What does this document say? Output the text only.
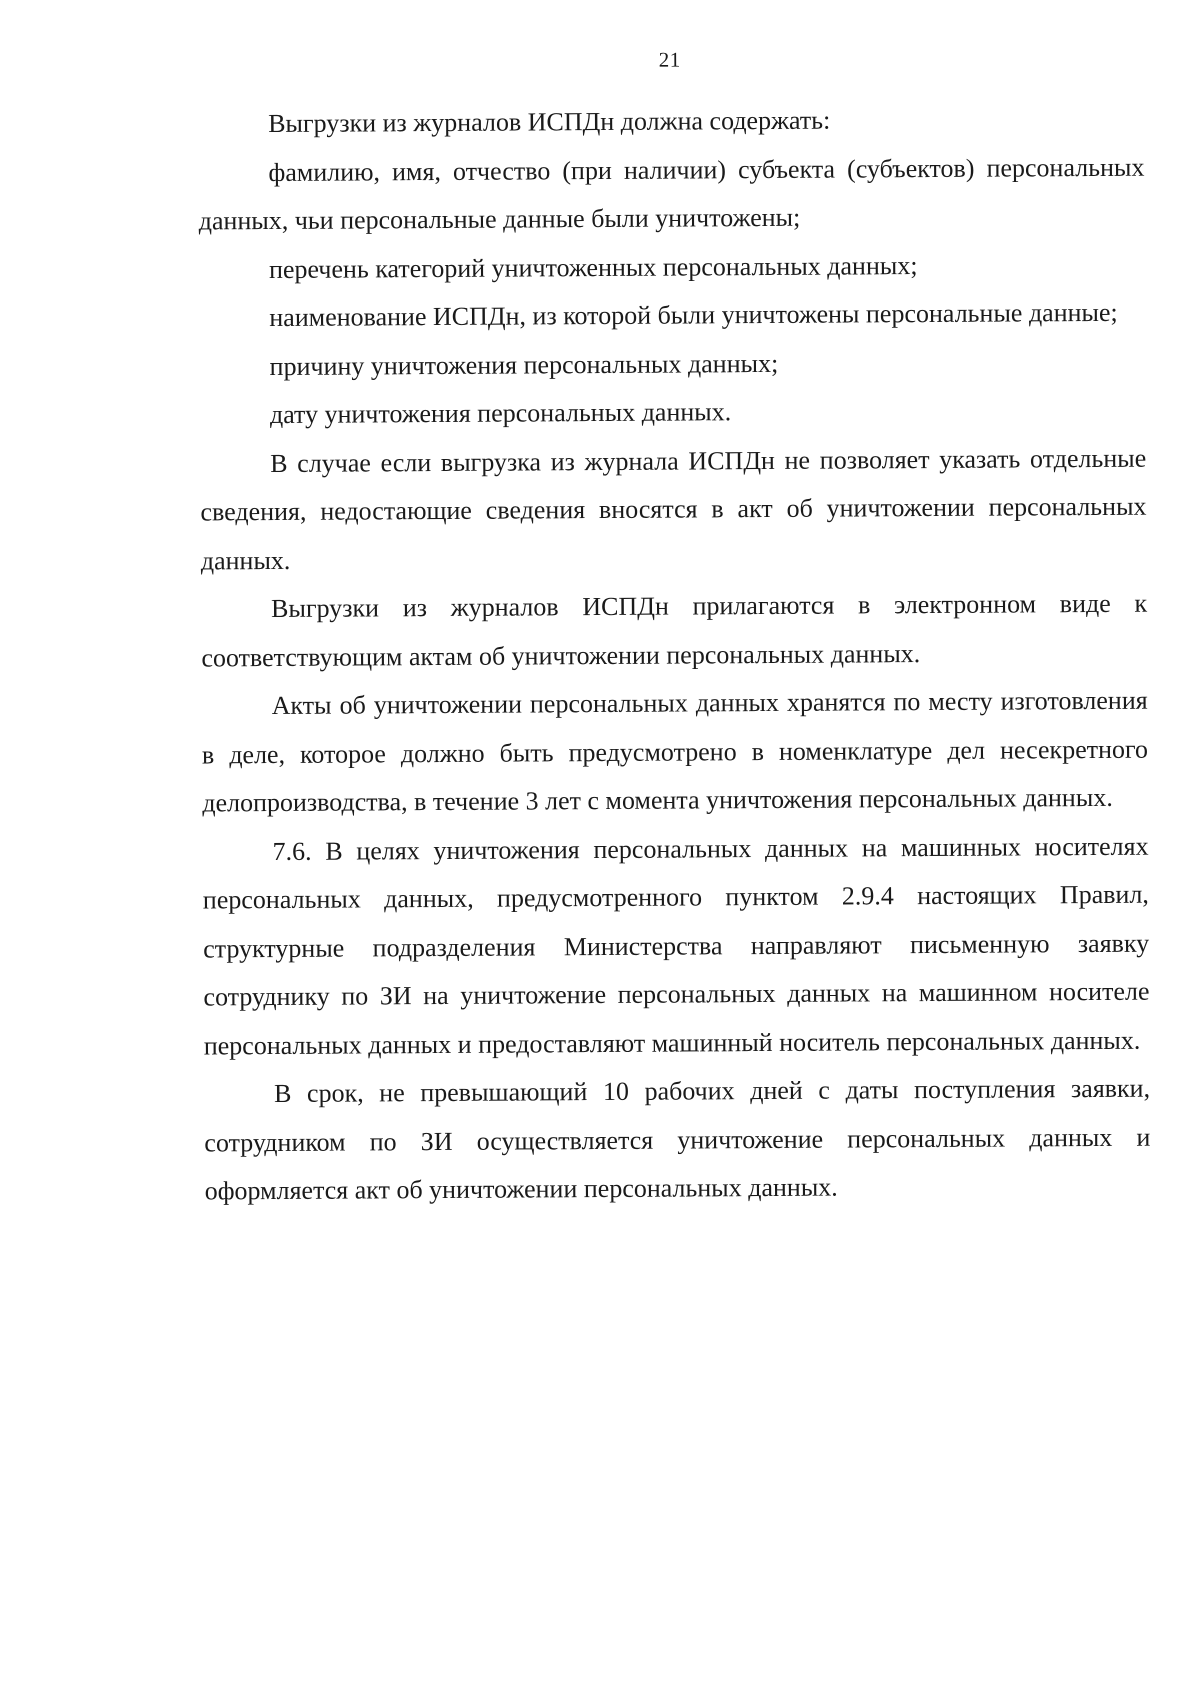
21

Выгрузки из журналов ИСПДн должна содержать:

фамилию, имя, отчество (при наличии) субъекта (субъектов) персональных данных, чьи персональные данные были уничтожены;

перечень категорий уничтоженных персональных данных;

наименование ИСПДн, из которой были уничтожены персональные данные;

причину уничтожения персональных данных;

дату уничтожения персональных данных.

В случае если выгрузка из журнала ИСПДн не позволяет указать отдельные сведения, недостающие сведения вносятся в акт об уничтожении персональных данных.

Выгрузки из журналов ИСПДн прилагаются в электронном виде к соответствующим актам об уничтожении персональных данных.

Акты об уничтожении персональных данных хранятся по месту изготовления в деле, которое должно быть предусмотрено в номенклатуре дел несекретного делопроизводства, в течение 3 лет с момента уничтожения персональных данных.

7.6. В целях уничтожения персональных данных на машинных носителях персональных данных, предусмотренного пунктом 2.9.4 настоящих Правил, структурные подразделения Министерства направляют письменную заявку сотруднику по ЗИ на уничтожение персональных данных на машинном носителе персональных данных и предоставляют машинный носитель персональных данных.

В срок, не превышающий 10 рабочих дней с даты поступления заявки, сотрудником по ЗИ осуществляется уничтожение персональных данных и оформляется акт об уничтожении персональных данных.
